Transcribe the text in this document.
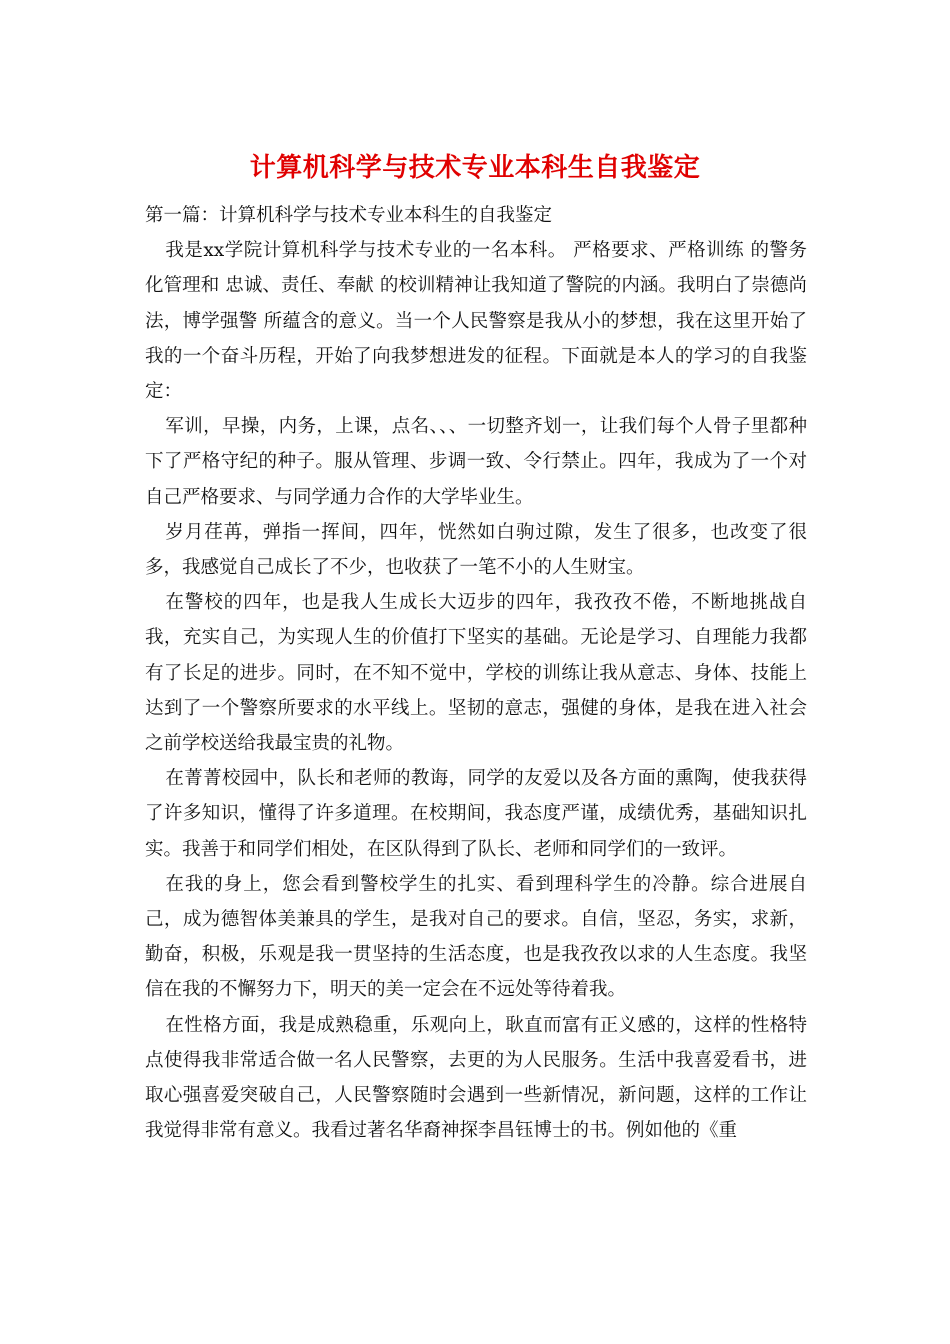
计算机科学与技术专业本科生自我鉴定

第一篇：计算机科学与技术专业本科生的自我鉴定

我是xx学院计算机科学与技术专业的一名本科。 严格要求、严格训练 的警务化管理和 忠诚、责任、奉献 的校训精神让我知道了警院的内涵。我明白了崇德尚法，博学强警 所蕴含的意义。当一个人民警察是我从小的梦想，我在这里开始了我的一个奋斗历程，开始了向我梦想进发的征程。下面就是本人的学习的自我鉴定：

军训，早操，内务，上课，点名、、、一切整齐划一，让我们每个人骨子里都种下了严格守纪的种子。服从管理、步调一致、令行禁止。四年，我成为了一个对自己严格要求、与同学通力合作的大学毕业生。

岁月荏苒，弹指一挥间，四年，恍然如白驹过隙，发生了很多，也改变了很多，我感觉自己成长了不少，也收获了一笔不小的人生财宝。

在警校的四年，也是我人生成长大迈步的四年，我孜孜不倦，不断地挑战自我，充实自己，为实现人生的价值打下坚实的基础。无论是学习、自理能力我都有了长足的进步。同时，在不知不觉中，学校的训练让我从意志、身体、技能上达到了一个警察所要求的水平线上。坚韧的意志，强健的身体，是我在进入社会之前学校送给我最宝贵的礼物。

在菁菁校园中，队长和老师的教诲，同学的友爱以及各方面的熏陶，使我获得了许多知识，懂得了许多道理。在校期间，我态度严谨，成绩优秀，基础知识扎实。我善于和同学们相处，在区队得到了队长、老师和同学们的一致评。

在我的身上，您会看到警校学生的扎实、看到理科学生的冷静。综合进展自己，成为德智体美兼具的学生，是我对自己的要求。自信，坚忍，务实，求新，勤奋，积极，乐观是我一贯坚持的生活态度，也是我孜孜以求的人生态度。我坚信在我的不懈努力下，明天的美一定会在不远处等待着我。

在性格方面，我是成熟稳重，乐观向上，耿直而富有正义感的，这样的性格特点使得我非常适合做一名人民警察，去更的为人民服务。生活中我喜爱看书，进取心强喜爱突破自己，人民警察随时会遇到一些新情况，新问题，这样的工作让我觉得非常有意义。我看过著名华裔神探李昌钰博士的书。例如他的《重
